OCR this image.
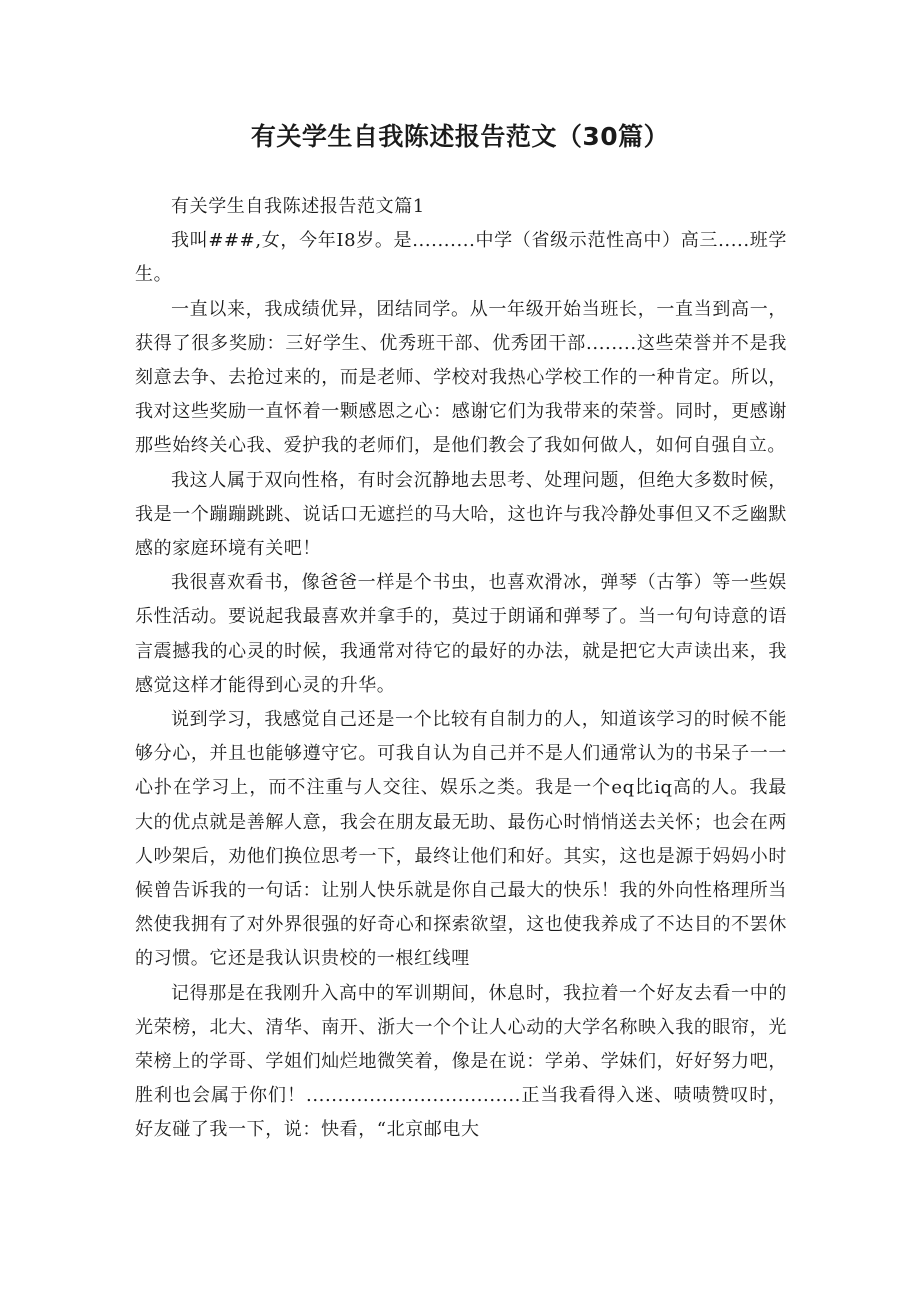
有关学生自我陈述报告范文（30篇）

有关学生自我陈述报告范文篇1

我叫###,女，今年I8岁。是..........中学（省级示范性高中）高三.....班学生。

一直以来，我成绩优异，团结同学。从一年级开始当班长，一直当到高一，获得了很多奖励：三好学生、优秀班干部、优秀团干部........这些荣誉并不是我刻意去争、去抢过来的，而是老师、学校对我热心学校工作的一种肯定。所以，我对这些奖励一直怀着一颗感恩之心：感谢它们为我带来的荣誉。同时，更感谢那些始终关心我、爱护我的老师们，是他们教会了我如何做人，如何自强自立。

我这人属于双向性格，有时会沉静地去思考、处理问题，但绝大多数时候，我是一个蹦蹦跳跳、说话口无遮拦的马大哈，这也许与我冷静处事但又不乏幽默感的家庭环境有关吧！

我很喜欢看书，像爸爸一样是个书虫，也喜欢滑冰，弹琴（古筝）等一些娱乐性活动。要说起我最喜欢并拿手的，莫过于朗诵和弹琴了。当一句句诗意的语言震撼我的心灵的时候，我通常对待它的最好的办法，就是把它大声读出来，我感觉这样才能得到心灵的升华。

说到学习，我感觉自己还是一个比较有自制力的人，知道该学习的时候不能够分心，并且也能够遵守它。可我自认为自己并不是人们通常认为的书呆子一一心扑在学习上，而不注重与人交往、娱乐之类。我是一个eq比iq高的人。我最大的优点就是善解人意，我会在朋友最无助、最伤心时悄悄送去关怀；也会在两人吵架后，劝他们换位思考一下，最终让他们和好。其实，这也是源于妈妈小时候曾告诉我的一句话：让别人快乐就是你自己最大的快乐！我的外向性格理所当然使我拥有了对外界很强的好奇心和探索欲望，这也使我养成了不达目的不罢休的习惯。它还是我认识贵校的一根红线哩

记得那是在我刚升入高中的军训期间，休息时，我拉着一个好友去看一中的光荣榜，北大、清华、南开、浙大一个个让人心动的大学名称映入我的眼帘，光荣榜上的学哥、学姐们灿烂地微笑着，像是在说：学弟、学妹们，好好努力吧，胜利也会属于你们！..................................正当我看得入迷、啧啧赞叹时，好友碰了我一下，说：快看，“北京邮电大
